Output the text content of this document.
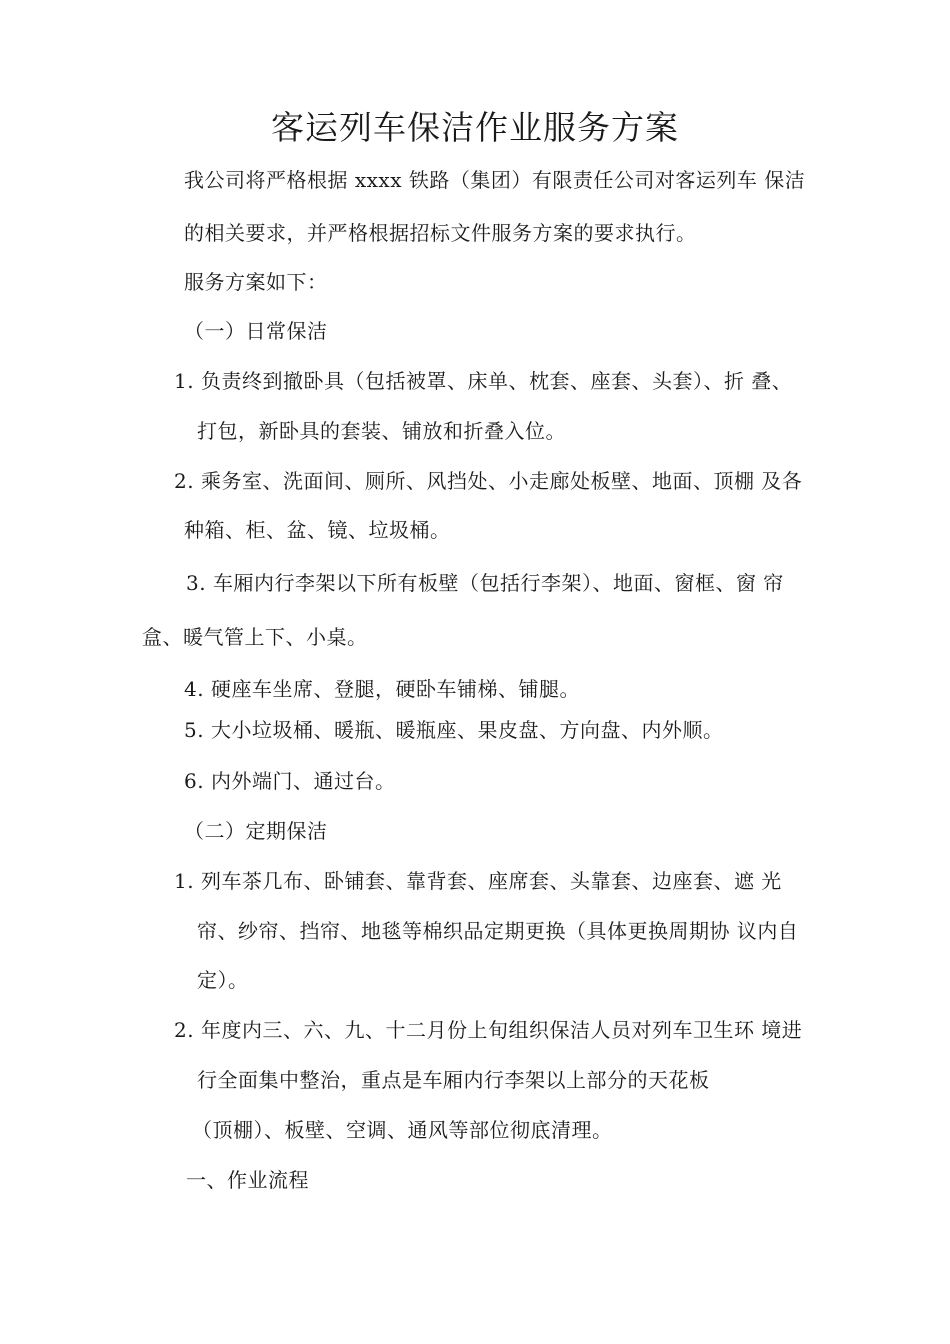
客运列车保洁作业服务方案
我公司将严格根据 xxxx 铁路（集团）有限责任公司对客运列车 保洁
的相关要求，并严格根据招标文件服务方案的要求执行。
服务方案如下：
（一）日常保洁
1. 负责终到撤卧具（包括被罩、床单、枕套、座套、头套）、折 叠、
打包，新卧具的套装、铺放和折叠入位。
2. 乘务室、洗面间、厕所、风挡处、小走廊处板壁、地面、顶棚 及各
种箱、柜、盆、镜、垃圾桶。
3. 车厢内行李架以下所有板壁（包括行李架）、地面、窗框、窗 帘
盒、暖气管上下、小桌。
4. 硬座车坐席、登腿，硬卧车铺梯、铺腿。
5. 大小垃圾桶、暖瓶、暖瓶座、果皮盘、方向盘、内外顺。
6. 内外端门、通过台。
（二）定期保洁
1. 列车茶几布、卧铺套、靠背套、座席套、头靠套、边座套、遮 光
帘、纱帘、挡帘、地毯等棉织品定期更换（具体更换周期协 议内自
定）。
2. 年度内三、六、九、十二月份上旬组织保洁人员对列车卫生环 境进
行全面集中整治，重点是车厢内行李架以上部分的天花板
（顶棚）、板壁、空调、通风等部位彻底清理。
一、作业流程
